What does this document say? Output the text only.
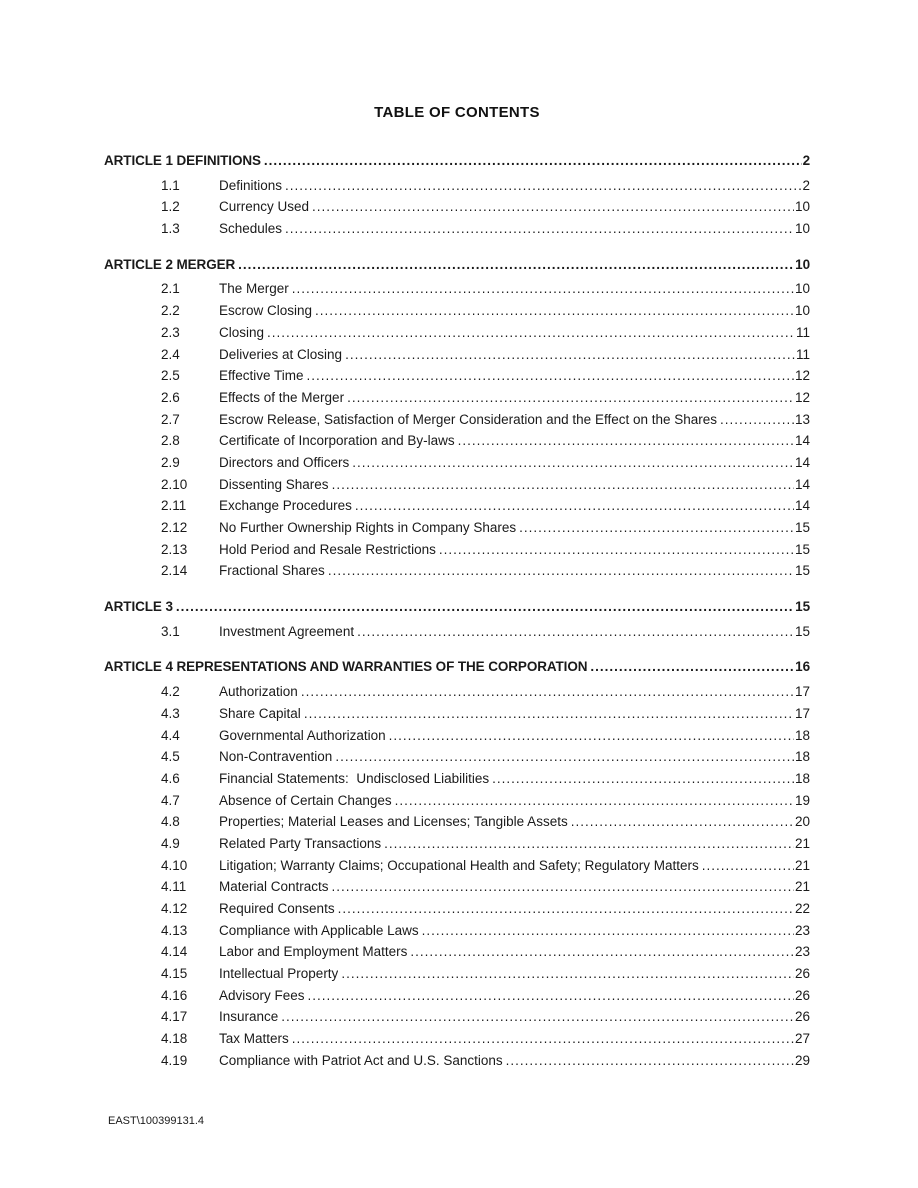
TABLE OF CONTENTS
ARTICLE 1 DEFINITIONS .....	2
1.1	Definitions .....	2
1.2	Currency Used .....	10
1.3	Schedules .....	10
ARTICLE 2 MERGER .....	10
2.1	The Merger .....	10
2.2	Escrow Closing .....	10
2.3	Closing .....	11
2.4	Deliveries at Closing .....	11
2.5	Effective Time .....	12
2.6	Effects of the Merger .....	12
2.7	Escrow Release, Satisfaction of Merger Consideration and the Effect on the Shares .....	13
2.8	Certificate of Incorporation and By-laws .....	14
2.9	Directors and Officers .....	14
2.10	Dissenting Shares .....	14
2.11	Exchange Procedures .....	14
2.12	No Further Ownership Rights in Company Shares .....	15
2.13	Hold Period and Resale Restrictions .....	15
2.14	Fractional Shares .....	15
ARTICLE 3 .....	15
3.1	Investment Agreement .....	15
ARTICLE 4 REPRESENTATIONS AND WARRANTIES OF THE CORPORATION .....	16
4.2	Authorization .....	17
4.3	Share Capital .....	17
4.4	Governmental Authorization .....	18
4.5	Non-Contravention .....	18
4.6	Financial Statements:  Undisclosed Liabilities .....	18
4.7	Absence of Certain Changes .....	19
4.8	Properties; Material Leases and Licenses; Tangible Assets .....	20
4.9	Related Party Transactions .....	21
4.10	Litigation; Warranty Claims; Occupational Health and Safety; Regulatory Matters .....	21
4.11	Material Contracts .....	21
4.12	Required Consents .....	22
4.13	Compliance with Applicable Laws .....	23
4.14	Labor and Employment Matters .....	23
4.15	Intellectual Property .....	26
4.16	Advisory Fees .....	26
4.17	Insurance .....	26
4.18	Tax Matters .....	27
4.19	Compliance with Patriot Act and U.S. Sanctions .....	29
EAST\100399131.4
